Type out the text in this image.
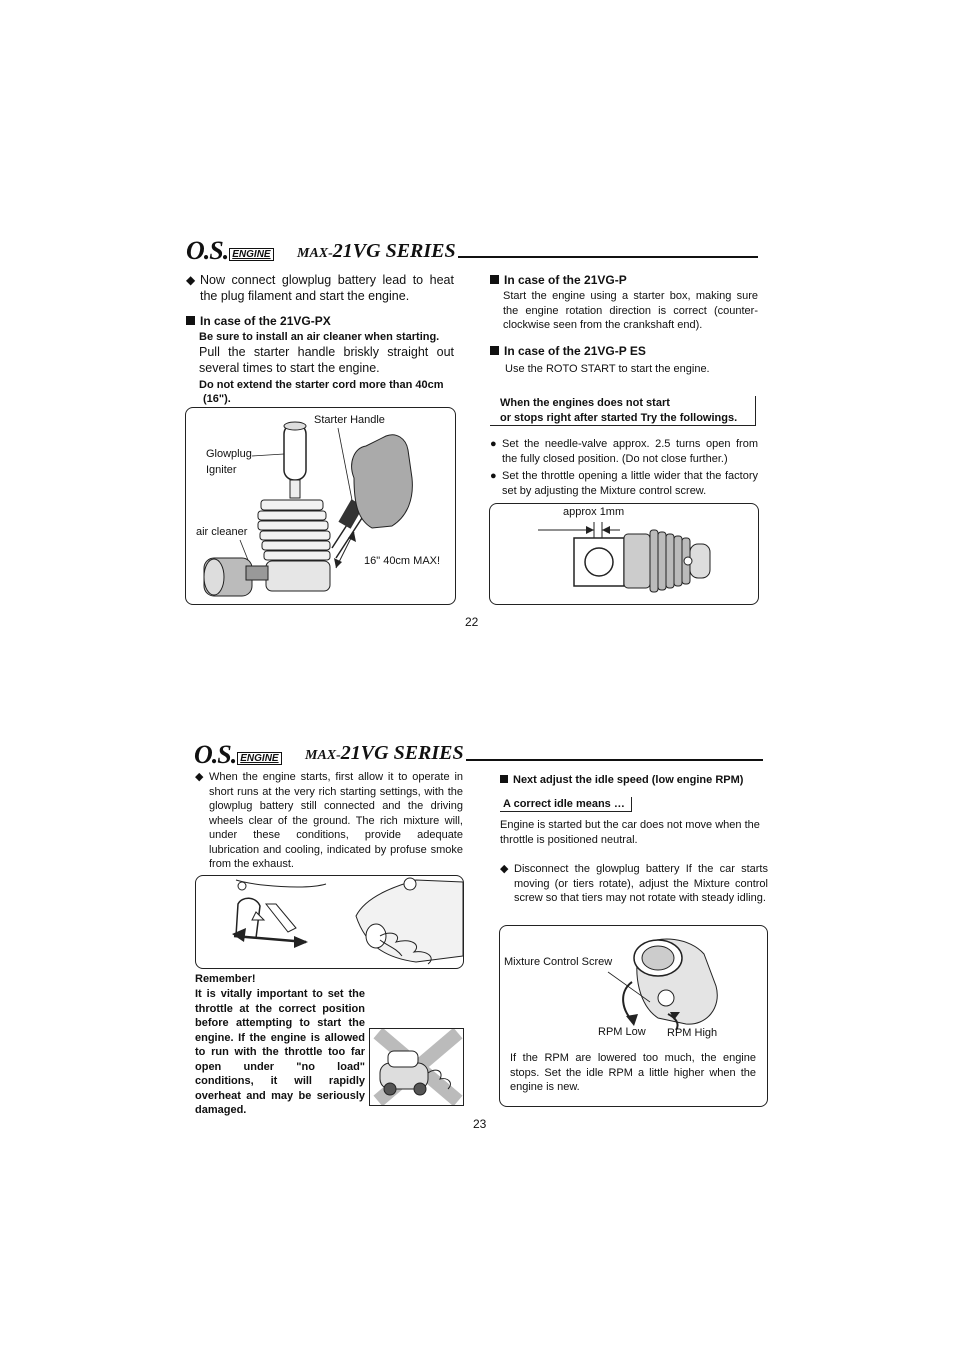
O.S. ENGINE MAX-21VG SERIES
◆ Now connect glowplug battery lead to heat the plug filament and start the engine.
In case of the 21VG-PX
Be sure to install an air cleaner when starting.
Pull the starter handle briskly straight out several times to start the engine.
Do not extend the starter cord more than 40cm
(16").
Starter Handle
Glowplug
Igniter
air cleaner
16" 40cm MAX!
In case of the 21VG-P
Start the engine using a starter box, making sure the engine rotation direction is correct (counter-clockwise seen from the crankshaft end).
In case of the 21VG-P ES
Use the ROTO START to start the engine.
When the engines does not start
or stops right after started Try the followings.
● Set the needle-valve approx. 2.5 turns open from the fully closed position. (Do not close further.)
● Set the throttle opening a little wider that the factory set by adjusting the Mixture control screw.
approx 1mm
22
O.S. ENGINE MAX-21VG SERIES
◆ When the engine starts, first allow it to operate in short runs at the very rich starting settings, with the glowplug battery still connected and the driving wheels clear of the ground. The rich mixture will, under these conditions, provide adequate lubrication and cooling, indicated by profuse smoke from the exhaust.
Remember!
It is vitally important to set the throttle at the correct position before attempting to start the engine. If the engine is allowed to run with the throttle too far open under "no load" conditions, it will rapidly overheat and may be seriously damaged.
Next adjust the idle speed (low engine RPM)
A correct idle means …
Engine is started but the car does not move when the throttle is positioned neutral.
◆ Disconnect the glowplug battery If the car starts moving (or tiers rotate), adjust the Mixture control screw so that tiers may not rotate with steady idling.
Mixture Control Screw
RPM Low RPM High
If the RPM are lowered too much, the engine stops. Set the idle RPM a little higher when the engine is new.
23
